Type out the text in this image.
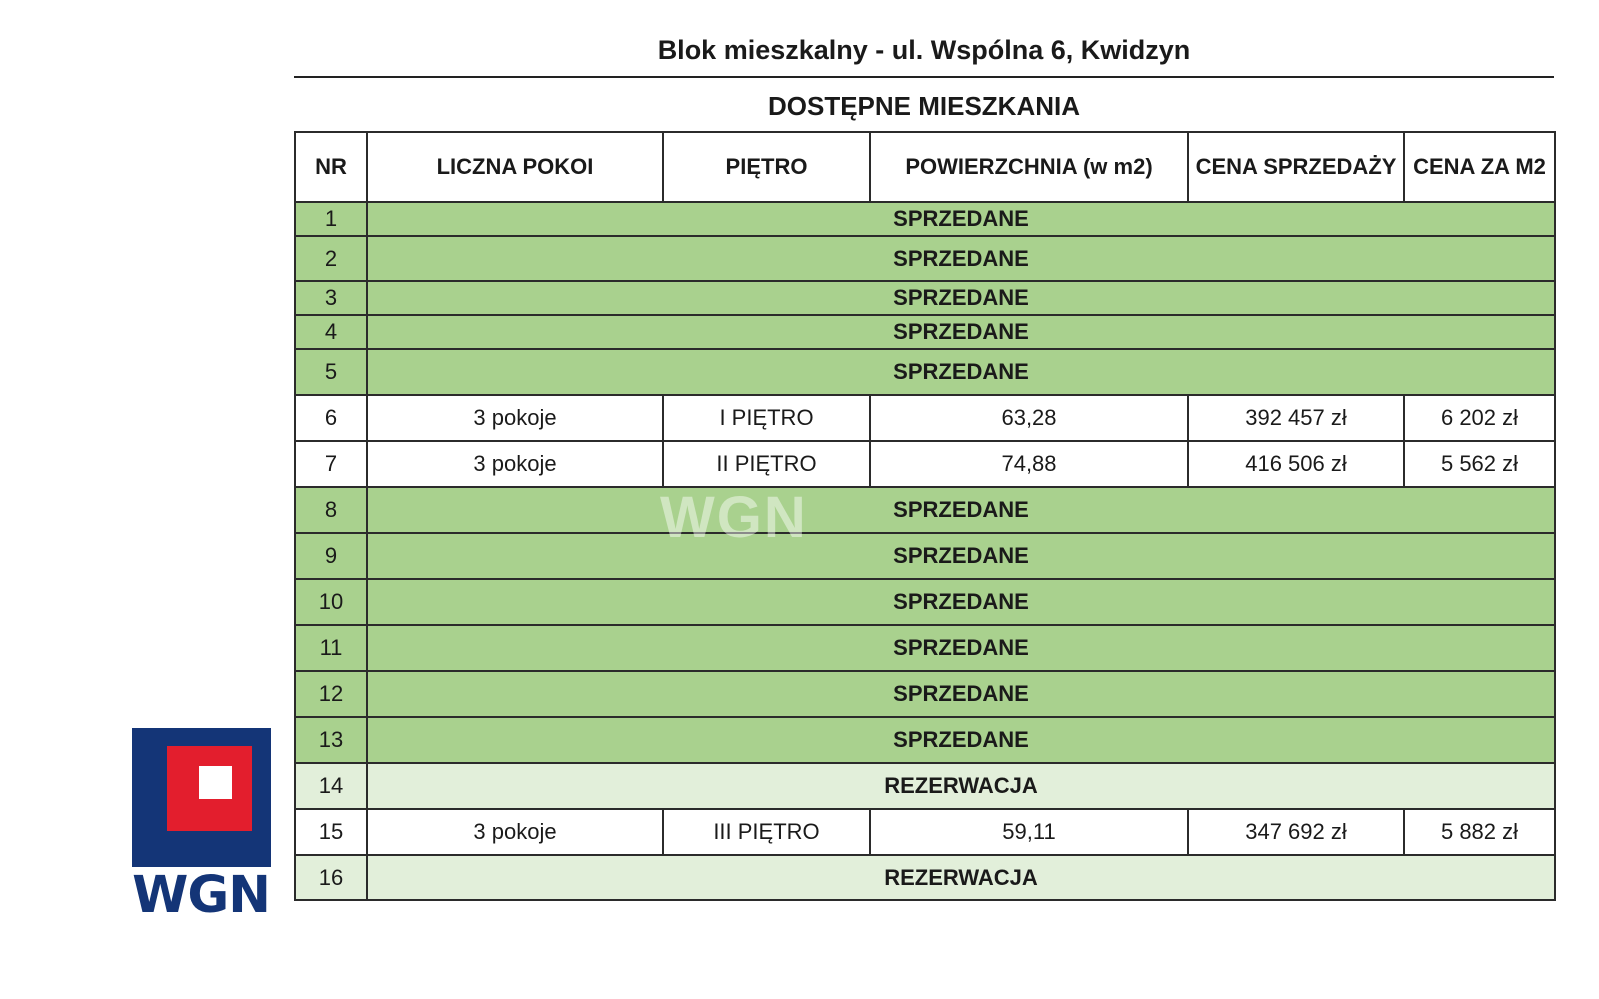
Blok mieszkalny - ul. Wspólna 6, Kwidzyn
DOSTĘPNE MIESZKANIA
NR	LICZNA POKOI	PIĘTRO	POWIERZCHNIA (w m2)	CENA SPRZEDAŻY	CENA ZA M2
1	SPRZEDANE				
2	SPRZEDANE				
3	SPRZEDANE				
4	SPRZEDANE				
5	SPRZEDANE				
6	3 pokoje	I PIĘTRO	63,28	392 457 zł	6 202 zł
7	3 pokoje	II PIĘTRO	74,88	416 506 zł	5 562 zł
8	SPRZEDANE				
9	SPRZEDANE				
10	SPRZEDANE				
11	SPRZEDANE				
12	SPRZEDANE				
13	SPRZEDANE				
14	REZERWACJA				
15	3 pokoje	III PIĘTRO	59,11	347 692 zł	5 882 zł
16	REZERWACJA				
WGN
WGN
